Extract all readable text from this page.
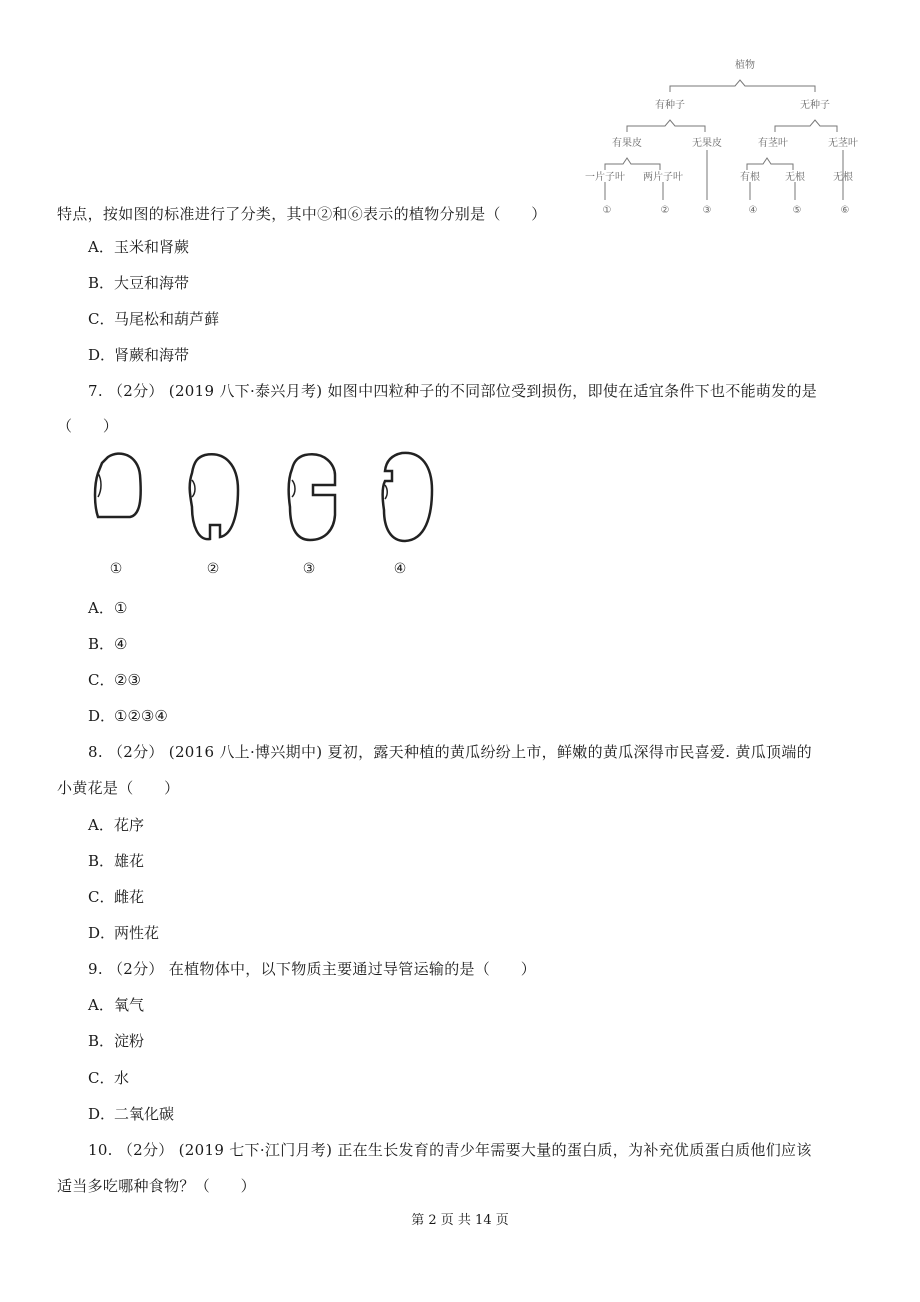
植物
有种子	无种子
有果皮	无果皮	有茎叶	无茎叶
一片子叶 两片子叶	有根	无根	无根
①	②	③	④	⑤	⑥
特点，按如图的标准进行了分类，其中②和⑥表示的植物分别是（　　）
A．玉米和肾蕨
B．大豆和海带
C．马尾松和葫芦藓
D．肾蕨和海带
7. （2分） (2019 八下·泰兴月考) 如图中四粒种子的不同部位受到损伤，即使在适宜条件下也不能萌发的是
（　　）
①	②	③	④
A．①
B．④
C．②③
D．①②③④
8. （2分） (2016 八上·博兴期中) 夏初，露天种植的黄瓜纷纷上市，鲜嫩的黄瓜深得市民喜爱. 黄瓜顶端的
小黄花是（　　）
A．花序
B．雄花
C．雌花
D．两性花
9. （2分） 在植物体中，以下物质主要通过导管运输的是（　　）
A．氧气
B．淀粉
C．水
D．二氧化碳
10. （2分） (2019 七下·江门月考) 正在生长发育的青少年需要大量的蛋白质，为补充优质蛋白质他们应该
适当多吃哪种食物？（　　）
第 2 页 共 14 页
